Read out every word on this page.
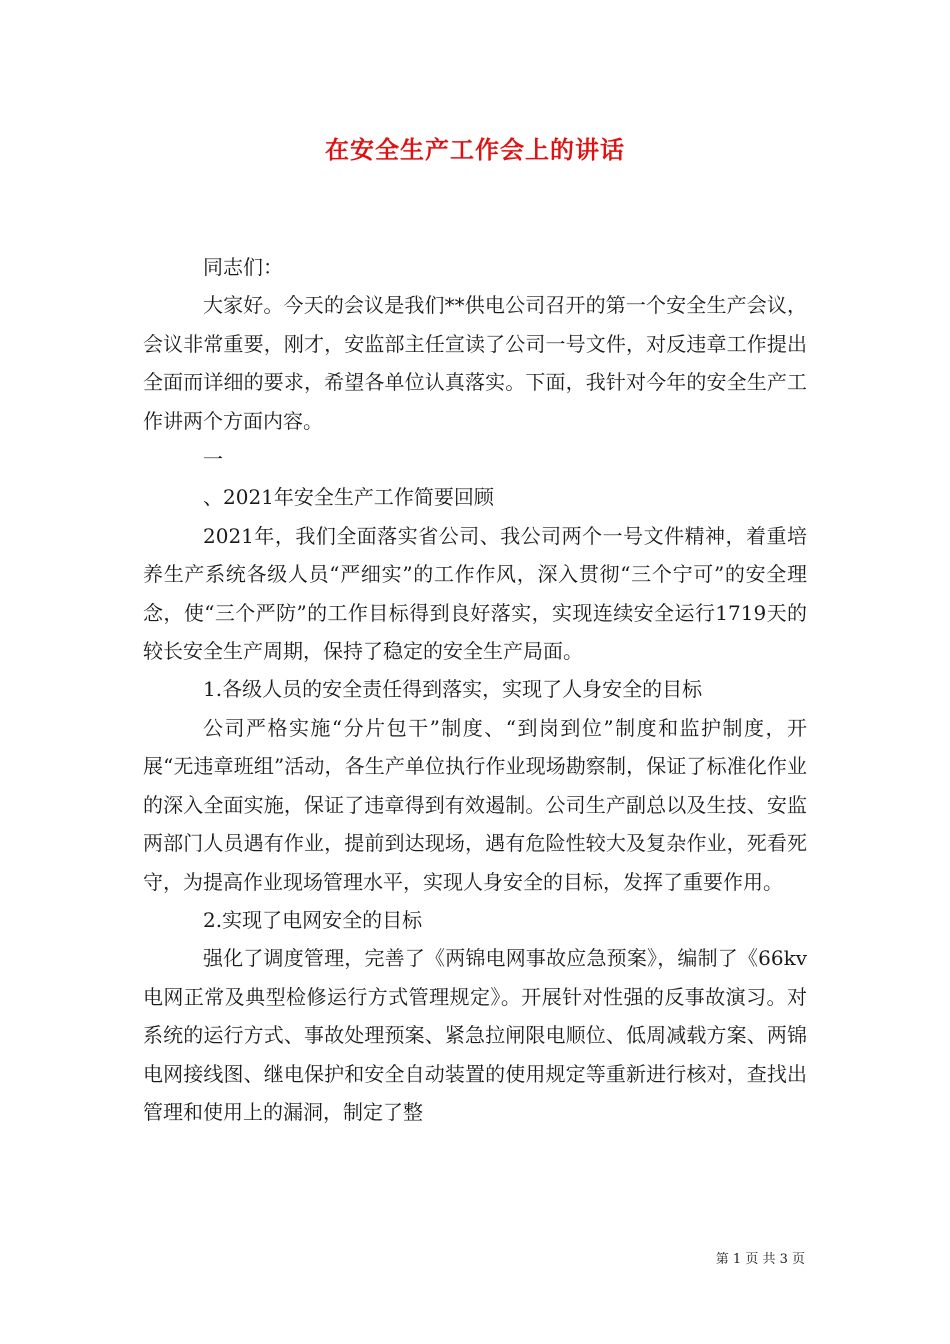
在安全生产工作会上的讲话

同志们：

大家好。今天的会议是我们**供电公司召开的第一个安全生产会议，会议非常重要，刚才，安监部主任宣读了公司一号文件，对反违章工作提出全面而详细的要求，希望各单位认真落实。下面，我针对今年的安全生产工作讲两个方面内容。

一

、2021年安全生产工作简要回顾

2021年，我们全面落实省公司、我公司两个一号文件精神，着重培养生产系统各级人员“严细实”的工作作风，深入贯彻“三个宁可”的安全理念，使“三个严防”的工作目标得到良好落实，实现连续安全运行1719天的较长安全生产周期，保持了稳定的安全生产局面。

1.各级人员的安全责任得到落实，实现了人身安全的目标

公司严格实施“分片包干”制度、“到岗到位”制度和监护制度，开展“无违章班组”活动，各生产单位执行作业现场勘察制，保证了标准化作业的深入全面实施，保证了违章得到有效遏制。公司生产副总以及生技、安监两部门人员遇有作业，提前到达现场，遇有危险性较大及复杂作业，死看死守，为提高作业现场管理水平，实现人身安全的目标，发挥了重要作用。

2.实现了电网安全的目标

强化了调度管理，完善了《两锦电网事故应急预案》，编制了《66kv电网正常及典型检修运行方式管理规定》。开展针对性强的反事故演习。对系统的运行方式、事故处理预案、紧急拉闸限电顺位、低周减载方案、两锦电网接线图、继电保护和安全自动装置的使用规定等重新进行核对，查找出管理和使用上的漏洞，制定了整

第 1 页 共 3 页
